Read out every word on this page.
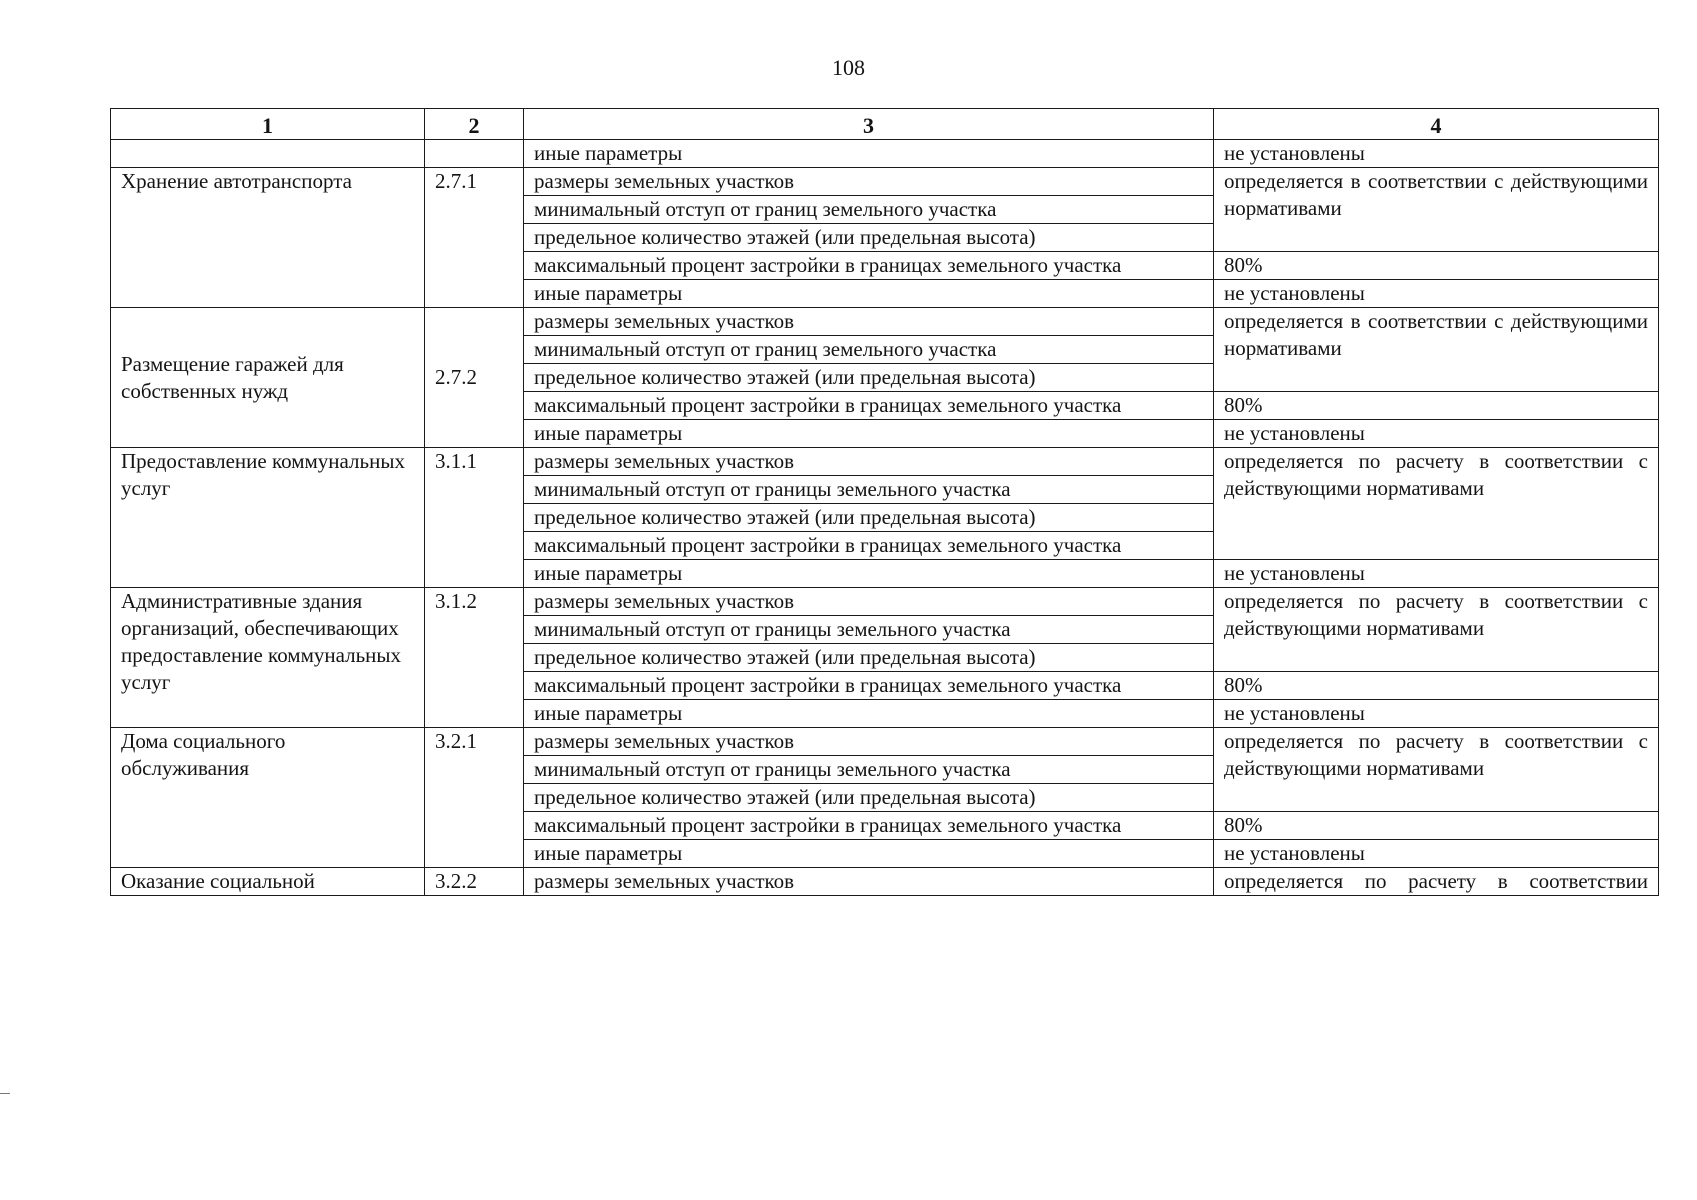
108
1	2	3	4
		иные параметры	не установлены
Хранение автотранспорта	2.7.1	размеры земельных участков	определяется в соответствии с действующими нормативами
		минимальный отступ от границ земельного участка	
		предельное количество этажей (или предельная высота)	
		максимальный процент застройки в границах земельного участка	80%
		иные параметры	не установлены
Размещение гаражей для собственных нужд	2.7.2	размеры земельных участков	определяется в соответствии с действующими нормативами
		минимальный отступ от границ земельного участка	
		предельное количество этажей (или предельная высота)	
		максимальный процент застройки в границах земельного участка	80%
		иные параметры	не установлены
Предоставление коммунальных услуг	3.1.1	размеры земельных участков	определяется по расчету в соответствии с действующими нормативами
		минимальный отступ от границы земельного участка	
		предельное количество этажей (или предельная высота)	
		максимальный процент застройки в границах земельного участка	
		иные параметры	не установлены
Административные здания организаций, обеспечивающих предоставление коммунальных услуг	3.1.2	размеры земельных участков	определяется по расчету в соответствии с действующими нормативами
		минимальный отступ от границы земельного участка	
		предельное количество этажей (или предельная высота)	
		максимальный процент застройки в границах земельного участка	80%
		иные параметры	не установлены
Дома социального обслуживания	3.2.1	размеры земельных участков	определяется по расчету в соответствии с действующими нормативами
		минимальный отступ от границы земельного участка	
		предельное количество этажей (или предельная высота)	
		максимальный процент застройки в границах земельного участка	80%
		иные параметры	не установлены
Оказание социальной	3.2.2	размеры земельных участков	определяется по расчету в соответствии
